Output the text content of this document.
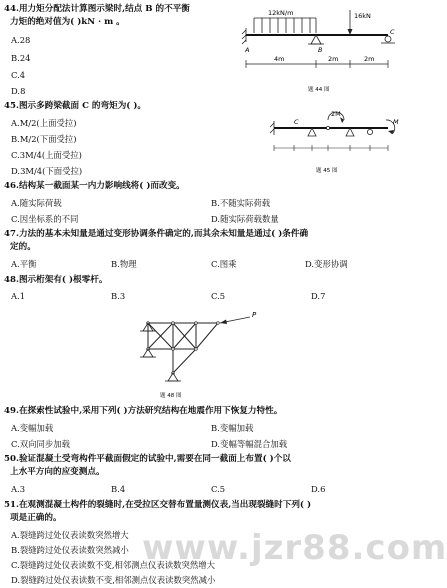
44.用力矩分配法计算图示梁时,结点 B 的不平衡
力矩的绝对值为( )kN · m 。
A.28
B.24
C.4
D.8
12kN/m
A	B
16kN
C
4m	2m	2m
题 44 图
45.图示多跨梁截面 C 的弯矩为( )。
A.M/2(上面受拉)
B.M/2(下面受拉)
C.3M/4(上面受拉)
D.3M/4(下面受拉)
C
2M
M
题 45 图
46.结构某一截面某一内力影响线将( )而改变。
A.随实际荷载	B.不随实际荷载
C.因坐标系的不同	D.随实际荷载数量
47.力法的基本未知量是通过变形协调条件确定的,而其余未知量是通过( )条件确
定的。
A.平衡	B.物理	C.图乘	D.变形协调
48.图示桁架有( )根零杆。
A.1	B.3	C.5	D.7
P
题 48 图
49.在探索性试验中,采用下列( )方法研究结构在地震作用下恢复力特性。
A.变幅加载	B.变幅加载
C.双向同步加载	D.变幅等幅混合加载
50.验证混凝土受弯构件平截面假定的试验中,需要在同一截面上布置( )个以
上水平方向的应变测点。
A.3	B.4	C.5	D.6
51.在观测混凝土构件的裂缝时,在受拉区交替布置量测仪表,当出现裂缝时下列( )
项是正确的。
A.裂缝跨过处仪表读数突然增大
B.裂缝跨过处仪表读数突然减小
C.裂缝跨过处仪表读数不变,相邻测点仪表读数突然增大
D.裂缝跨过处仪表读数不变,相邻测点仪表读数突然减小
www.jzr88.com
